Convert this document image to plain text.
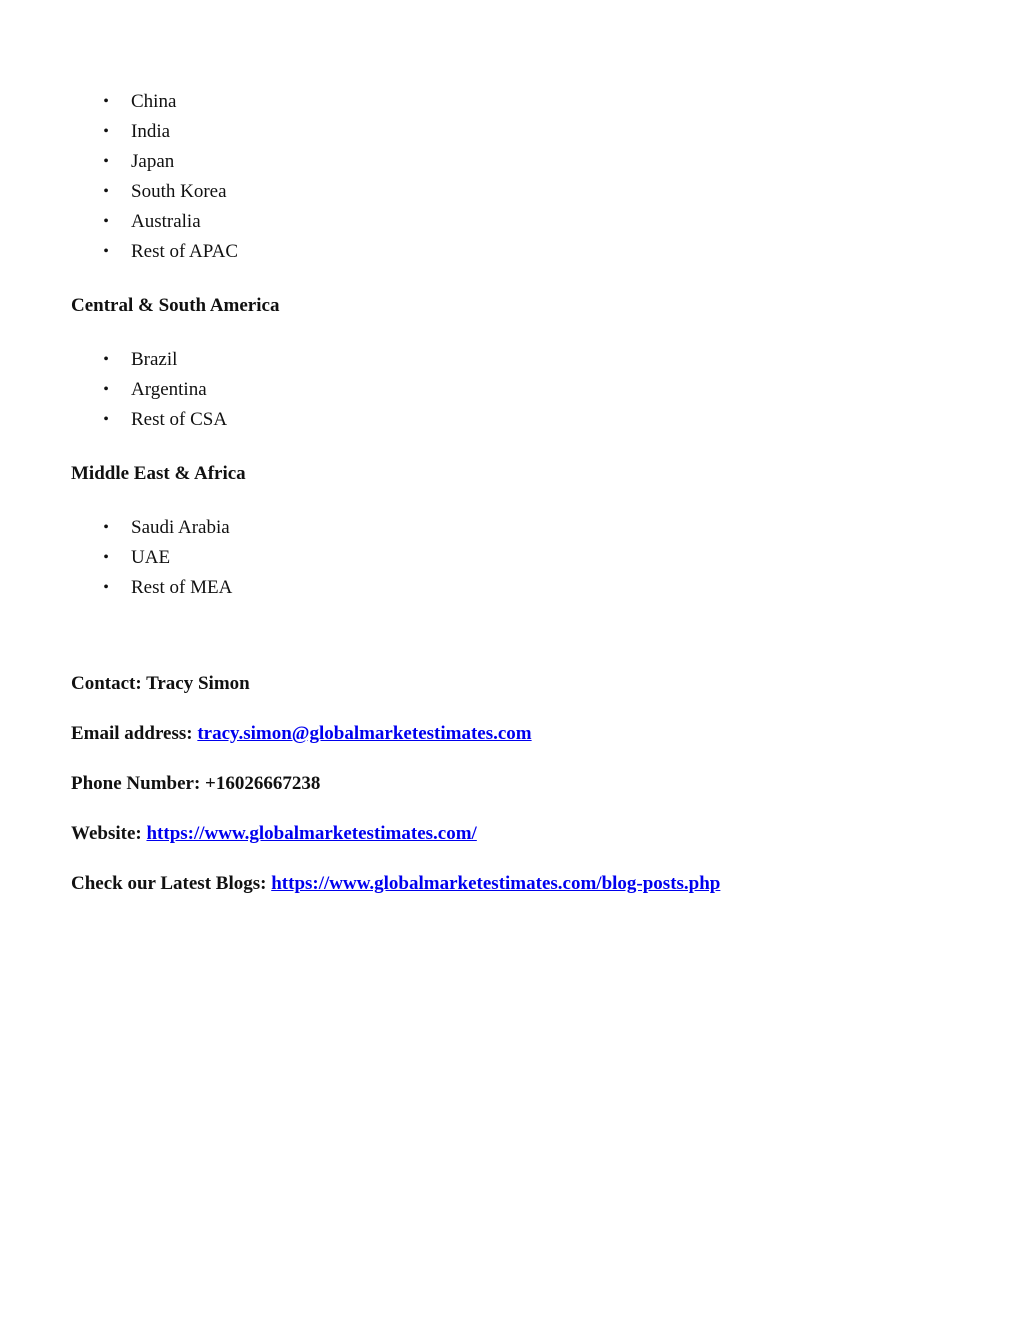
• China
• India
• Japan
• South Korea
• Australia
• Rest of APAC
Central & South America
• Brazil
• Argentina
• Rest of CSA
Middle East & Africa
• Saudi Arabia
• UAE
• Rest of MEA
Contact: Tracy Simon
Email address: tracy.simon@globalmarketestimates.com
Phone Number: +16026667238
Website: https://www.globalmarketestimates.com/
Check our Latest Blogs: https://www.globalmarketestimates.com/blog-posts.php
